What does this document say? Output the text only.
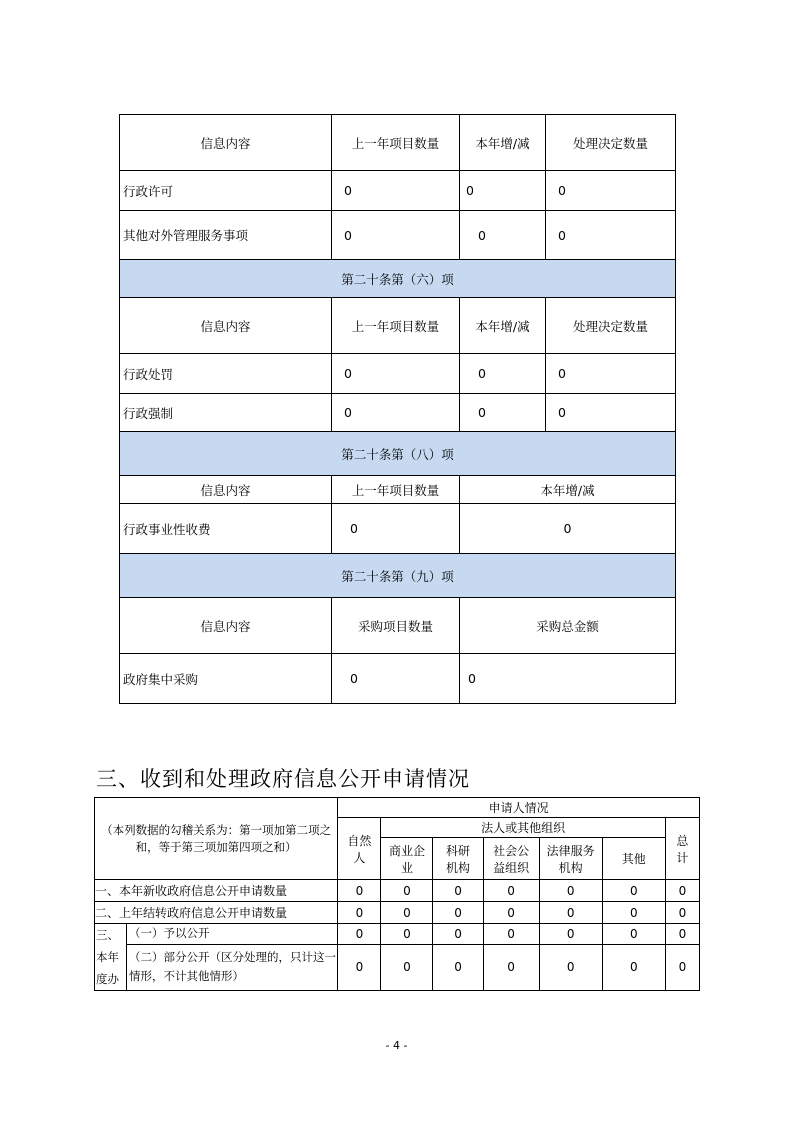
信息内容	上一年项目数量	本年增/减	处理决定数量
行政许可	0	0	0
其他对外管理服务事项	0	0	0
第二十条第（六）项			
信息内容	上一年项目数量	本年增/减	处理决定数量
行政处罚	0	0	0
行政强制	0	0	0
第二十条第（八）项			
信息内容	上一年项目数量	本年增/减	
行政事业性收费	0	0	
第二十条第（九）项			
信息内容	采购项目数量	采购总金额	
政府集中采购	0	0	
三、收到和处理政府信息公开申请情况
（本列数据的勾稽关系为：第一项加第二项之和，等于第三项加第四项之和）		申请人情况						
		自然人	法人或其他组织					总计
			商业企业	科研机构	社会公益组织	法律服务机构	其他	
一、本年新收政府信息公开申请数量		0	0	0	0	0	0	0
二、上年结转政府信息公开申请数量		0	0	0	0	0	0	0
三、本年度办	（一）予以公开	0	0	0	0	0	0	0
	（二）部分公开（区分处理的，只计这一情形，不计其他情形）	0	0	0	0	0	0	0
- 4 -
